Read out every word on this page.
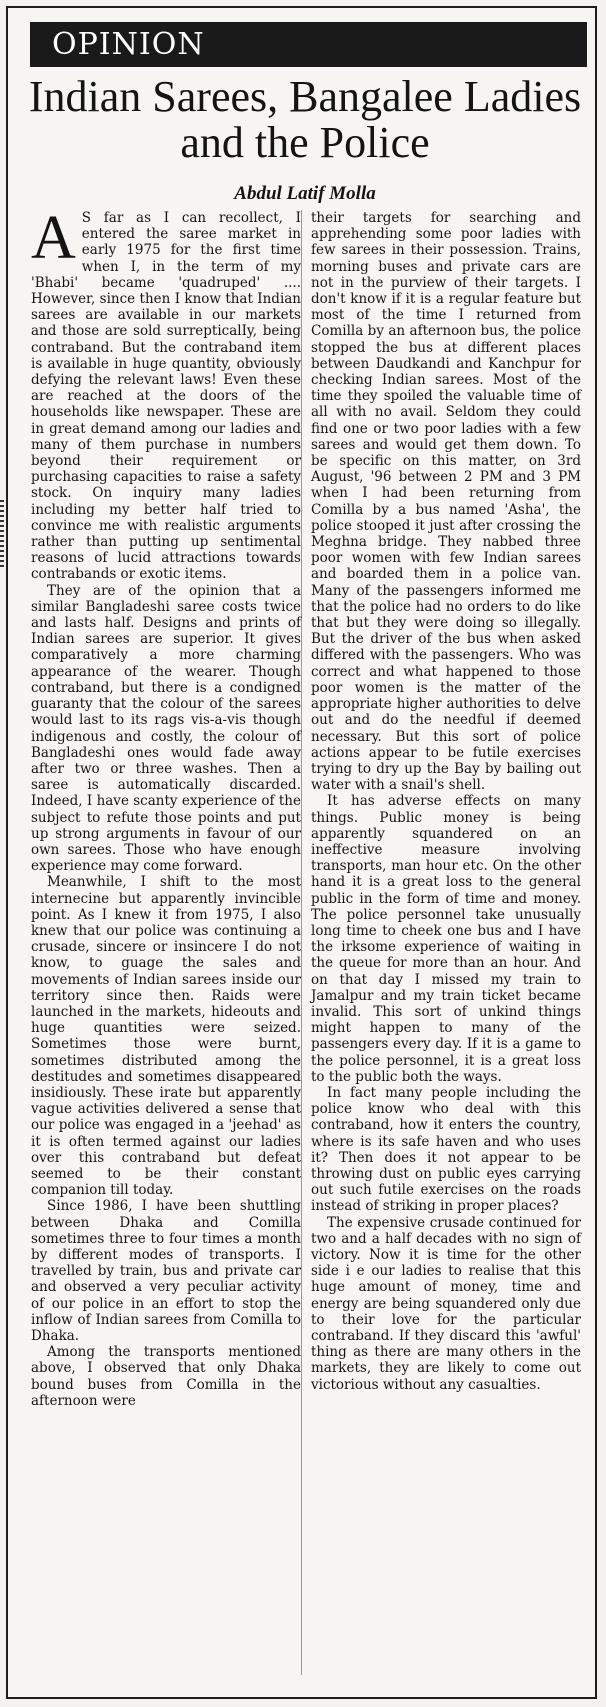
OPINION
Indian Sarees, Bangalee Ladies and the Police
Abdul Latif Molla

A S far as I can recollect, I entered the saree market in early 1975 for the first time when I, in the term of my 'Bhabi' became 'quadruped' .... However, since then I know that Indian sarees are available in our markets and those are sold surrepticalIy, being contraband. But the contraband item is available in huge quantity, obviously defying the relevant laws! Even these are reached at the doors of the households like newspaper. These are in great demand among our ladies and many of them purchase in numbers beyond their requirement or purchasing capacities to raise a safety stock. On inquiry many ladies including my better half tried to convince me with realistic arguments rather than putting up sentimental reasons of lucid attractions towards contrabands or exotic items.

They are of the opinion that a similar Bangladeshi saree costs twice and lasts half. Designs and prints of Indian sarees are superior. It gives comparatively a more charming appearance of the wearer. Though contraband, but there is a condigned guaranty that the colour of the sarees would last to its rags vis-a-vis though indigenous and costly, the colour of Bangladeshi ones would fade away after two or three washes. Then a saree is automatically discarded. Indeed, I have scanty experience of the subject to refute those points and put up strong arguments in favour of our own sarees. Those who have enough experience may come forward.

Meanwhile, I shift to the most internecine but apparently invincible point. As I knew it from 1975, I also knew that our police was continuing a crusade, sincere or insincere I do not know, to guage the sales and movements of Indian sarees inside our territory since then. Raids were launched in the markets, hideouts and huge quantities were seized. Sometimes those were burnt, sometimes distributed among the destitudes and sometimes disappeared insidiously. These irate but apparently vague activities delivered a sense that our police was engaged in a 'jeehad' as it is often termed against our ladies over this contraband but defeat seemed to be their constant companion till today.

Since 1986, I have been shuttling between Dhaka and Comilla sometimes three to four times a month by different modes of transports. I travelled by train, bus and private car and observed a very peculiar activity of our police in an effort to stop the inflow of Indian sarees from Comilla to Dhaka.

Among the transports mentioned above, I observed that only Dhaka bound buses from Comilla in the afternoon were

their targets for searching and apprehending some poor ladies with few sarees in their possession. Trains, morning buses and private cars are not in the purview of their targets. I don't know if it is a regular feature but most of the time I returned from Comilla by an afternoon bus, the police stopped the bus at different places between Daudkandi and Kanchpur for checking Indian sarees. Most of the time they spoiled the valuable time of all with no avail. Seldom they could find one or two poor ladies with a few sarees and would get them down. To be specific on this matter, on 3rd August, '96 between 2 PM and 3 PM when I had been returning from Comilla by a bus named 'Asha', the police stooped it just after crossing the Meghna bridge. They nabbed three poor women with few Indian sarees and boarded them in a police van. Many of the passengers informed me that the police had no orders to do like that but they were doing so illegally. But the driver of the bus when asked differed with the passengers. Who was correct and what happened to those poor women is the matter of the appropriate higher authorities to delve out and do the needful if deemed necessary. But this sort of police actions appear to be futile exercises trying to dry up the Bay by bailing out water with a snail's shell.

It has adverse effects on many things. Public money is being apparently squandered on an ineffective measure involving transports, man hour etc. On the other hand it is a great loss to the general public in the form of time and money. The police personnel take unusually long time to cheek one bus and I have the irksome experience of waiting in the queue for more than an hour. And on that day I missed my train to Jamalpur and my train ticket became invalid. This sort of unkind things might happen to many of the passengers every day. If it is a game to the police personnel, it is a great loss to the public both the ways.

In fact many people including the police know who deal with this contraband, how it enters the country, where is its safe haven and who uses it? Then does it not appear to be throwing dust on public eyes carrying out such futile exercises on the roads instead of striking in proper places?

The expensive crusade continued for two and a half decades with no sign of victory. Now it is time for the other side i e our ladies to realise that this huge amount of money, time and energy are being squandered only due to their love for the particular contraband. If they discard this 'awful' thing as there are many others in the markets, they are likely to come out victorious without any casualties.
